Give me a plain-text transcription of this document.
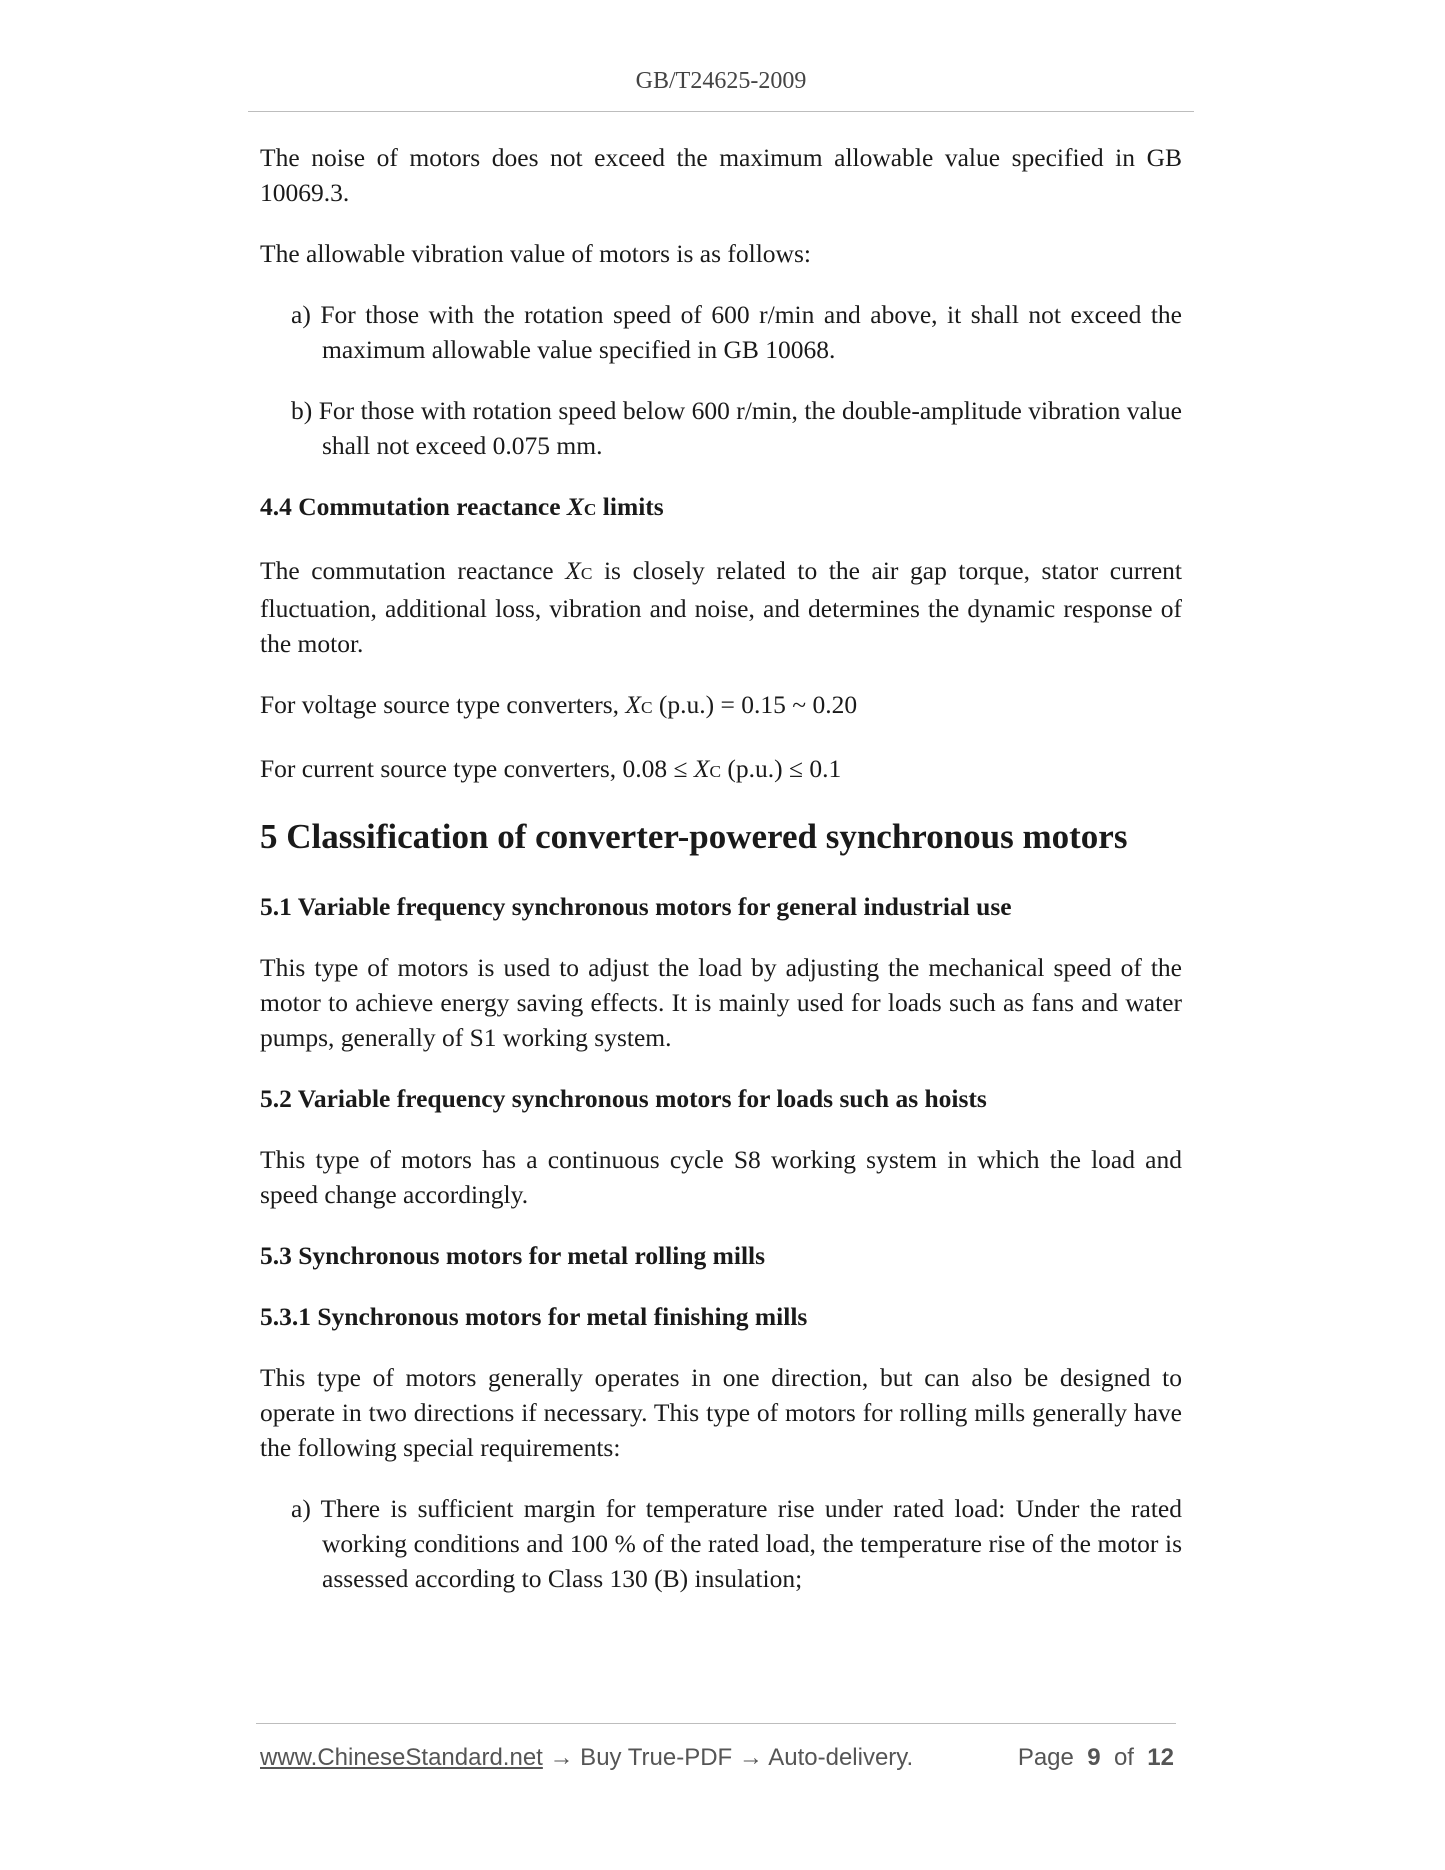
GB/T24625-2009

The noise of motors does not exceed the maximum allowable value specified in GB 10069.3.

The allowable vibration value of motors is as follows:

a) For those with the rotation speed of 600 r/min and above, it shall not exceed the maximum allowable value specified in GB 10068.
b) For those with rotation speed below 600 r/min, the double-amplitude vibration value shall not exceed 0.075 mm.
4.4 Commutation reactance XC limits

The commutation reactance XC is closely related to the air gap torque, stator current fluctuation, additional loss, vibration and noise, and determines the dynamic response of the motor.

For voltage source type converters, XC (p.u.) = 0.15 ~ 0.20

For current source type converters, 0.08 ≤ XC (p.u.) ≤ 0.1

5 Classification of converter-powered synchronous motors
5.1 Variable frequency synchronous motors for general industrial use

This type of motors is used to adjust the load by adjusting the mechanical speed of the motor to achieve energy saving effects. It is mainly used for loads such as fans and water pumps, generally of S1 working system.

5.2 Variable frequency synchronous motors for loads such as hoists

This type of motors has a continuous cycle S8 working system in which the load and speed change accordingly.

5.3 Synchronous motors for metal rolling mills
5.3.1 Synchronous motors for metal finishing mills

This type of motors generally operates in one direction, but can also be designed to operate in two directions if necessary. This type of motors for rolling mills generally have the following special requirements:

a) There is sufficient margin for temperature rise under rated load: Under the rated working conditions and 100 % of the rated load, the temperature rise of the motor is assessed according to Class 130 (B) insulation;
www.ChineseStandard.net → Buy True-PDF → Auto-delivery.	Page 9 of 12
